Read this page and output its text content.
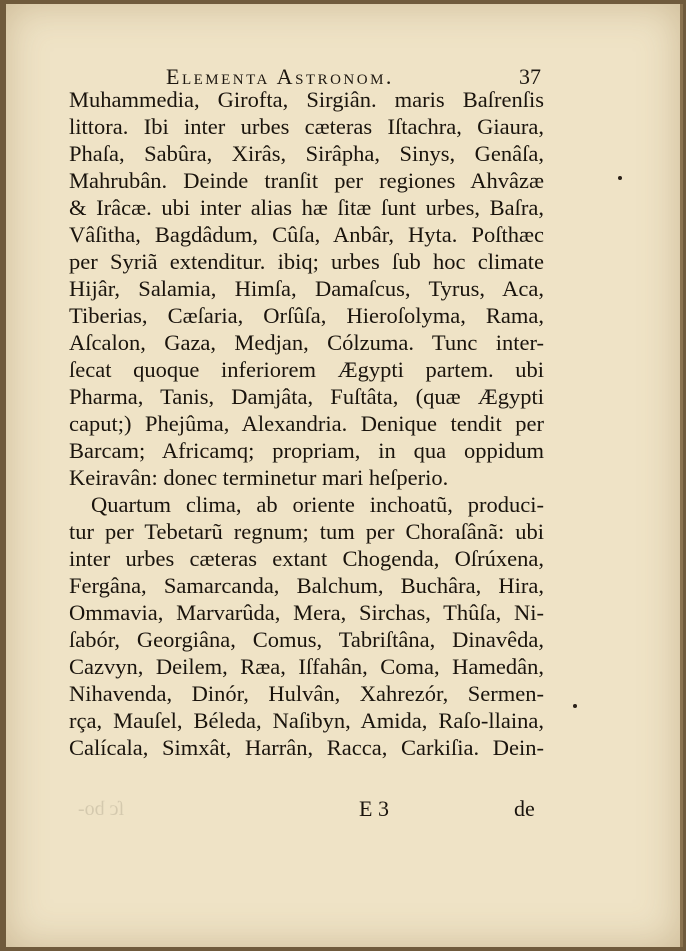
Elementa Astronom.	37
Muhammedia, Girofta, Sirgiân. maris Baſrenſis
littora. Ibi inter urbes cæteras Iſtachra, Giaura,
Phaſa, Sabûra, Xirâs, Sirâpha, Sinys, Genâſa,
Mahrubân. Deinde tranſit per regiones Ahvâzæ
& Irâcæ. ubi inter alias hæ ſitæ ſunt urbes, Baſra,
Vâſitha, Bagdâdum, Cûſa, Anbâr, Hyta. Poſthæc
per Syriã extenditur. ibiq; urbes ſub hoc climate
Hijâr, Salamia, Himſa, Damaſcus, Tyrus, Aca,
Tiberias, Cæſaria, Orſûſa, Hieroſolyma, Rama,
Aſcalon, Gaza, Medjan, Cólzuma. Tunc inter-
ſecat quoque inferiorem Ægypti partem. ubi
Pharma, Tanis, Damjâta, Fuſtâta, (quæ Ægypti
caput;) Phejûma, Alexandria. Denique tendit per
Barcam; Africamq; propriam, in qua oppidum
Keiravân: donec terminetur mari heſperio.
Quartum clima, ab oriente inchoatũ, produci-
tur per Tebetarũ regnum; tum per Choraſânã: ubi
inter urbes cæteras extant Chogenda, Oſrúxena,
Fergâna, Samarcanda, Balchum, Buchâra, Hira,
Ommavia, Marvarûda, Mera, Sirchas, Thûſa, Ni-
ſabór, Georgiâna, Comus, Tabriſtâna, Dinavêda,
Cazvyn, Deilem, Ræa, Iſfahân, Coma, Hamedân,
Nihavenda, Dinór, Hulvân, Xahrezór, Sermen-
rça, Mauſel, Béleda, Naſibyn, Amida, Raſo-llaina,
Calícala, Simxât, Harrân, Racca, Carkiſia. Dein-
ſc bo-	E 3	de
